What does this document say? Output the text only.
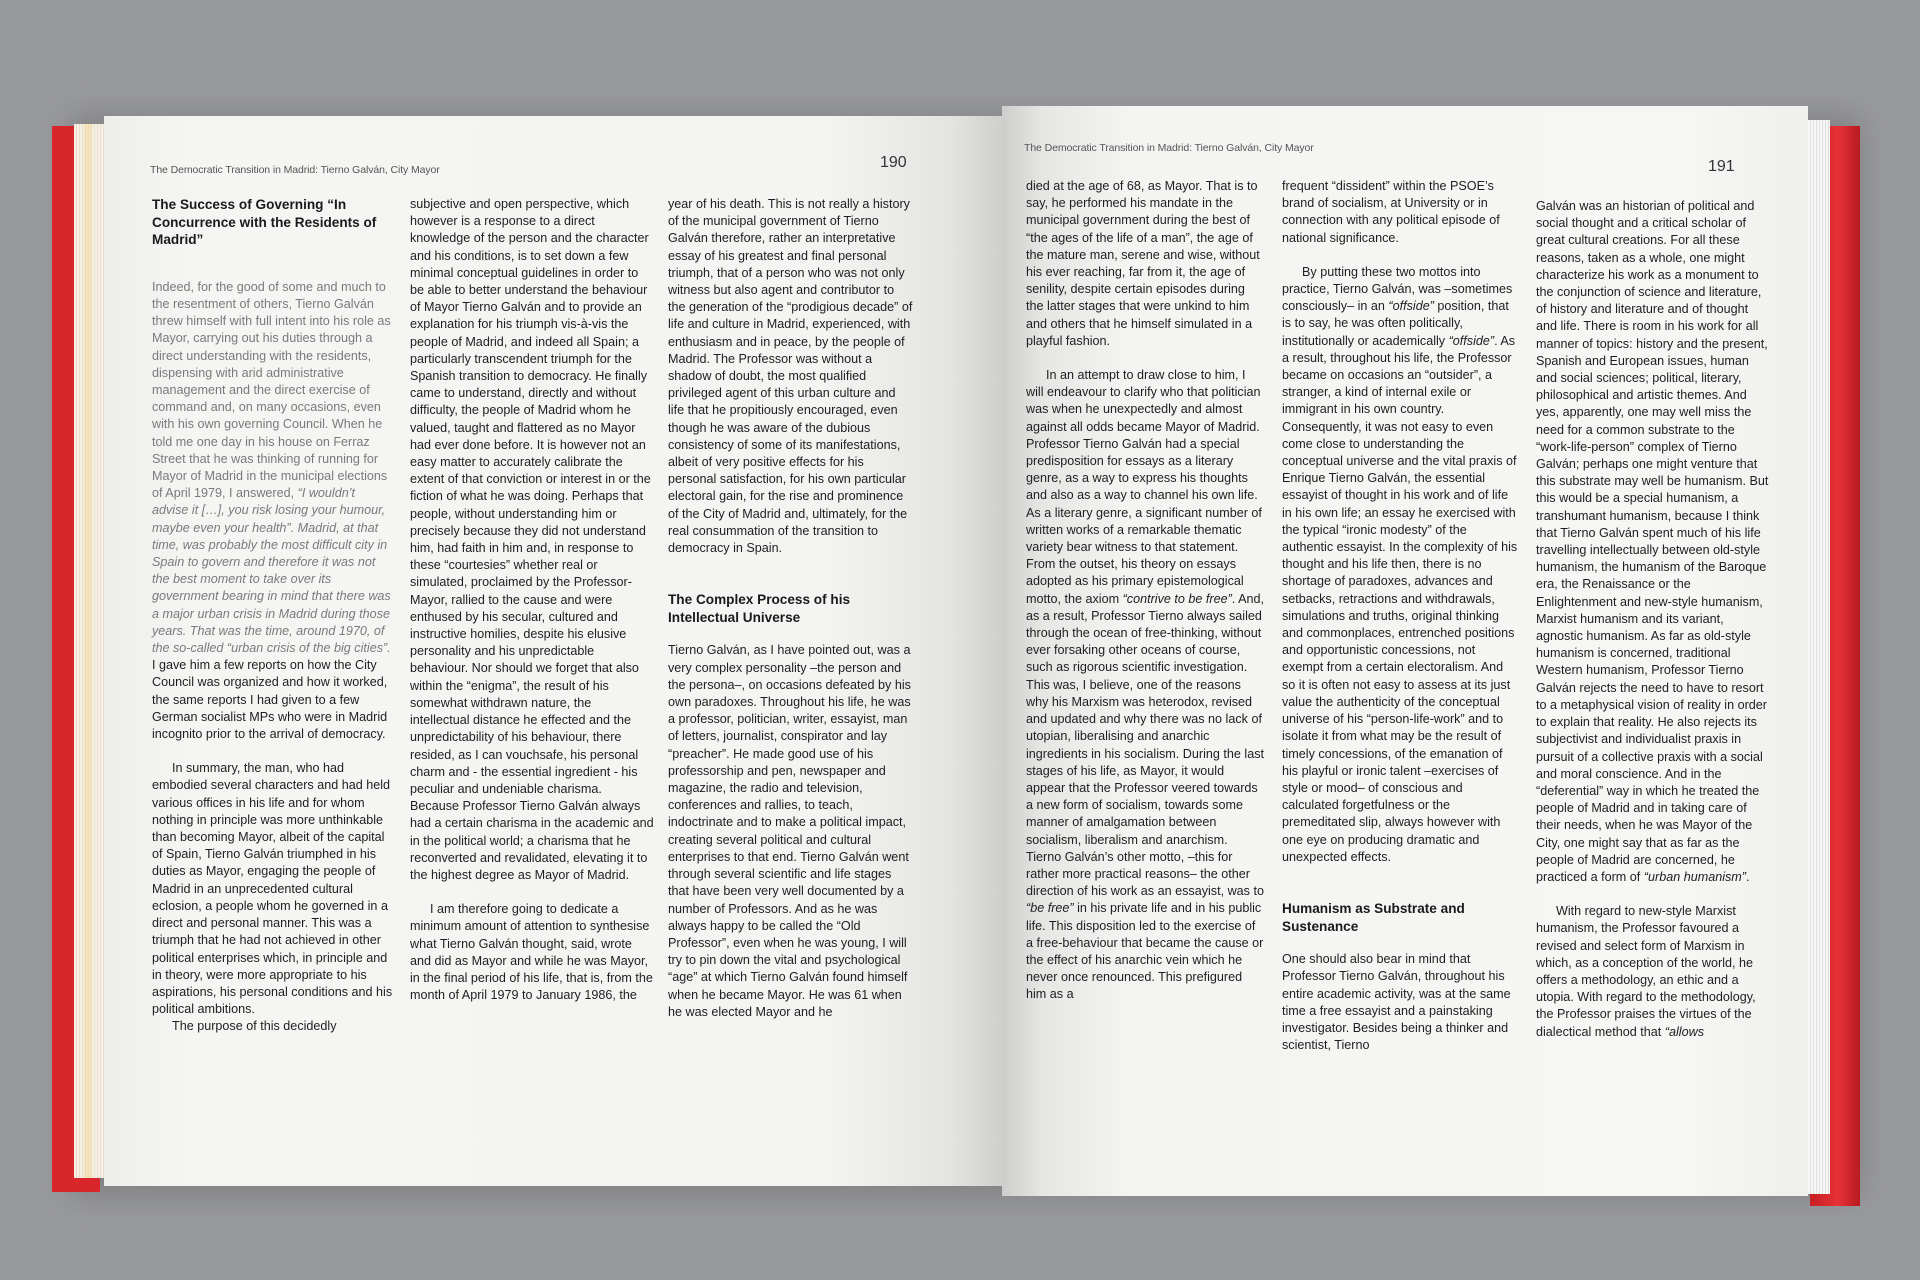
The Democratic Transition in Madrid: Tierno Galván, City Mayor	190
The Success of Governing “In Concurrence with the Residents of Madrid”

Indeed, for the good of some and much to the resentment of others, Tierno Galván threw himself with full intent into his role as Mayor, carrying out his duties through a direct understanding with the residents, dispensing with arid administrative management and the direct exercise of command and, on many occasions, even with his own governing Council. When he told me one day in his house on Ferraz Street that he was thinking of running for Mayor of Madrid in the municipal elections of April 1979, I answered, “I wouldn’t advise it […], you risk losing your humour, maybe even your health”. Madrid, at that time, was probably the most difficult city in Spain to govern and therefore it was not the best moment to take over its government bearing in mind that there was a major urban crisis in Madrid during those years. That was the time, around 1970, of the so-called “urban crisis of the big cities”. I gave him a few reports on how the City Council was organized and how it worked, the same reports I had given to a few German socialist MPs who were in Madrid incognito prior to the arrival of democracy.

In summary, the man, who had embodied several characters and had held various offices in his life and for whom nothing in principle was more unthinkable than becoming Mayor, albeit of the capital of Spain, Tierno Galván triumphed in his duties as Mayor, engaging the people of Madrid in an unprecedented cultural eclosion, a people whom he governed in a direct and personal manner. This was a triumph that he had not achieved in other political enterprises which, in principle and in theory, were more appropriate to his aspirations, his personal conditions and his political ambitions.

The purpose of this decidedly

subjective and open perspective, which however is a response to a direct knowledge of the person and the character and his conditions, is to set down a few minimal conceptual guidelines in order to be able to better understand the behaviour of Mayor Tierno Galván and to provide an explanation for his triumph vis-à-vis the people of Madrid, and indeed all Spain; a particularly transcendent triumph for the Spanish transition to democracy. He finally came to understand, directly and without difficulty, the people of Madrid whom he valued, taught and flattered as no Mayor had ever done before. It is however not an easy matter to accurately calibrate the extent of that conviction or interest in or the fiction of what he was doing. Perhaps that people, without understanding him or precisely because they did not understand him, had faith in him and, in response to these “courtesies” whether real or simulated, proclaimed by the Professor-Mayor, rallied to the cause and were enthused by his secular, cultured and instructive homilies, despite his elusive personality and his unpredictable behaviour. Nor should we forget that also within the “enigma”, the result of his somewhat withdrawn nature, the intellectual distance he effected and the unpredictability of his behaviour, there resided, as I can vouchsafe, his personal charm and - the essential ingredient - his peculiar and undeniable charisma. Because Professor Tierno Galván always had a certain charisma in the academic and in the political world; a charisma that he reconverted and revalidated, elevating it to the highest degree as Mayor of Madrid.

I am therefore going to dedicate a minimum amount of attention to synthesise what Tierno Galván thought, said, wrote and did as Mayor and while he was Mayor, in the final period of his life, that is, from the month of April 1979 to January 1986, the

year of his death. This is not really a history of the municipal government of Tierno Galván therefore, rather an interpretative essay of his greatest and final personal triumph, that of a person who was not only witness but also agent and contributor to the generation of the “prodigious decade” of life and culture in Madrid, experienced, with enthusiasm and in peace, by the people of Madrid. The Professor was without a shadow of doubt, the most qualified privileged agent of this urban culture and life that he propitiously encouraged, even though he was aware of the dubious consistency of some of its manifestations, albeit of very positive effects for his personal satisfaction, for his own particular electoral gain, for the rise and prominence of the City of Madrid and, ultimately, for the real consummation of the transition to democracy in Spain.

The Complex Process of his Intellectual Universe

Tierno Galván, as I have pointed out, was a very complex personality –the person and the persona–, on occasions defeated by his own paradoxes. Throughout his life, he was a professor, politician, writer, essayist, man of letters, journalist, conspirator and lay “preacher”. He made good use of his professorship and pen, newspaper and magazine, the radio and television, conferences and rallies, to teach, indoctrinate and to make a political impact, creating several political and cultural enterprises to that end. Tierno Galván went through several scientific and life stages that have been very well documented by a number of Professors. And as he was always happy to be called the “Old Professor”, even when he was young, I will try to pin down the vital and psychological “age” at which Tierno Galván found himself when he became Mayor. He was 61 when he was elected Mayor and he

The Democratic Transition in Madrid: Tierno Galván, City Mayor
191

died at the age of 68, as Mayor. That is to say, he performed his mandate in the municipal government during the best of “the ages of the life of a man”, the age of the mature man, serene and wise, without his ever reaching, far from it, the age of senility, despite certain episodes during the latter stages that were unkind to him and others that he himself simulated in a playful fashion.

In an attempt to draw close to him, I will endeavour to clarify who that politician was when he unexpectedly and almost against all odds became Mayor of Madrid. Professor Tierno Galván had a special predisposition for essays as a literary genre, as a way to express his thoughts and also as a way to channel his own life. As a literary genre, a significant number of written works of a remarkable thematic variety bear witness to that statement. From the outset, his theory on essays adopted as his primary epistemological motto, the axiom “contrive to be free”. And, as a result, Professor Tierno always sailed through the ocean of free-thinking, without ever forsaking other oceans of course, such as rigorous scientific investigation. This was, I believe, one of the reasons why his Marxism was heterodox, revised and updated and why there was no lack of utopian, liberalising and anarchic ingredients in his socialism. During the last stages of his life, as Mayor, it would appear that the Professor veered towards a new form of socialism, towards some manner of amalgamation between socialism, liberalism and anarchism. Tierno Galván’s other motto, –this for rather more practical reasons– the other direction of his work as an essayist, was to “be free” in his private life and in his public life. This disposition led to the exercise of a free-behaviour that became the cause or the effect of his anarchic vein which he never once renounced. This prefigured him as a

frequent “dissident” within the PSOE’s brand of socialism, at University or in connection with any political episode of national significance.

By putting these two mottos into practice, Tierno Galván, was –sometimes consciously– in an “offside” position, that is to say, he was often politically, institutionally or academically “offside”. As a result, throughout his life, the Professor became on occasions an “outsider”, a stranger, a kind of internal exile or immigrant in his own country. Consequently, it was not easy to even come close to understanding the conceptual universe and the vital praxis of Enrique Tierno Galván, the essential essayist of thought in his work and of life in his own life; an essay he exercised with the typical “ironic modesty” of the authentic essayist. In the complexity of his thought and his life then, there is no shortage of paradoxes, advances and setbacks, retractions and withdrawals, simulations and truths, original thinking and commonplaces, entrenched positions and opportunistic concessions, not exempt from a certain electoralism. And so it is often not easy to assess at its just value the authenticity of the conceptual universe of his “person-life-work” and to isolate it from what may be the result of timely concessions, of the emanation of his playful or ironic talent –exercises of style or mood– of conscious and calculated forgetfulness or the premeditated slip, always however with one eye on producing dramatic and unexpected effects.

Humanism as Substrate and Sustenance

One should also bear in mind that Professor Tierno Galván, throughout his entire academic activity, was at the same time a free essayist and a painstaking investigator. Besides being a thinker and scientist, Tierno

Galván was an historian of political and social thought and a critical scholar of great cultural creations. For all these reasons, taken as a whole, one might characterize his work as a monument to the conjunction of science and literature, of history and literature and of thought and life. There is room in his work for all manner of topics: history and the present, Spanish and European issues, human and social sciences; political, literary, philosophical and artistic themes. And yes, apparently, one may well miss the need for a common substrate to the “work-life-person” complex of Tierno Galván; perhaps one might venture that this substrate may well be humanism. But this would be a special humanism, a transhumant humanism, because I think that Tierno Galván spent much of his life travelling intellectually between old-style humanism, the humanism of the Baroque era, the Renaissance or the Enlightenment and new-style humanism, Marxist humanism and its variant, agnostic humanism. As far as old-style humanism is concerned, traditional Western humanism, Professor Tierno Galván rejects the need to have to resort to a metaphysical vision of reality in order to explain that reality. He also rejects its subjectivist and individualist praxis in pursuit of a collective praxis with a social and moral conscience. And in the “deferential” way in which he treated the people of Madrid and in taking care of their needs, when he was Mayor of the City, one might say that as far as the people of Madrid are concerned, he practiced a form of “urban humanism”.

With regard to new-style Marxist humanism, the Professor favoured a revised and select form of Marxism in which, as a conception of the world, he offers a methodology, an ethic and a utopia. With regard to the methodology, the Professor praises the virtues of the dialectical method that “allows
